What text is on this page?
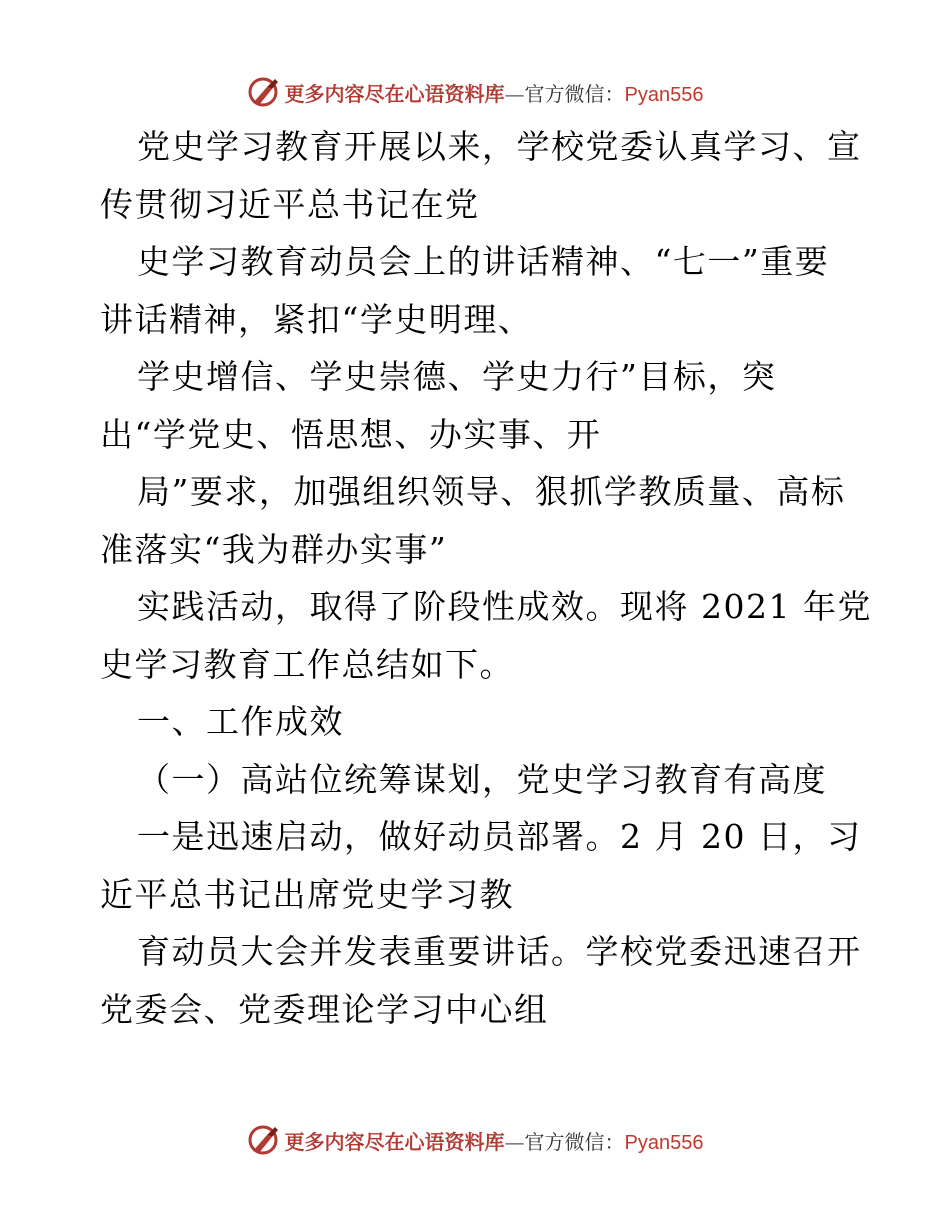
更多内容尽在心语资料库—官方微信：Pyan556
党史学习教育开展以来，学校党委认真学习、宣
传贯彻习近平总书记在党
史学习教育动员会上的讲话精神、“七一”重要
讲话精神，紧扣“学史明理、
学史增信、学史崇德、学史力行”目标，突
出“学党史、悟思想、办实事、开
局”要求，加强组织领导、狠抓学教质量、高标
准落实“我为群办实事”
实践活动，取得了阶段性成效。现将 2021 年党
史学习教育工作总结如下。
一、工作成效
（一）高站位统筹谋划，党史学习教育有高度
一是迅速启动，做好动员部署。2 月 20 日，习
近平总书记出席党史学习教
育动员大会并发表重要讲话。学校党委迅速召开
党委会、党委理论学习中心组
更多内容尽在心语资料库—官方微信：Pyan556
